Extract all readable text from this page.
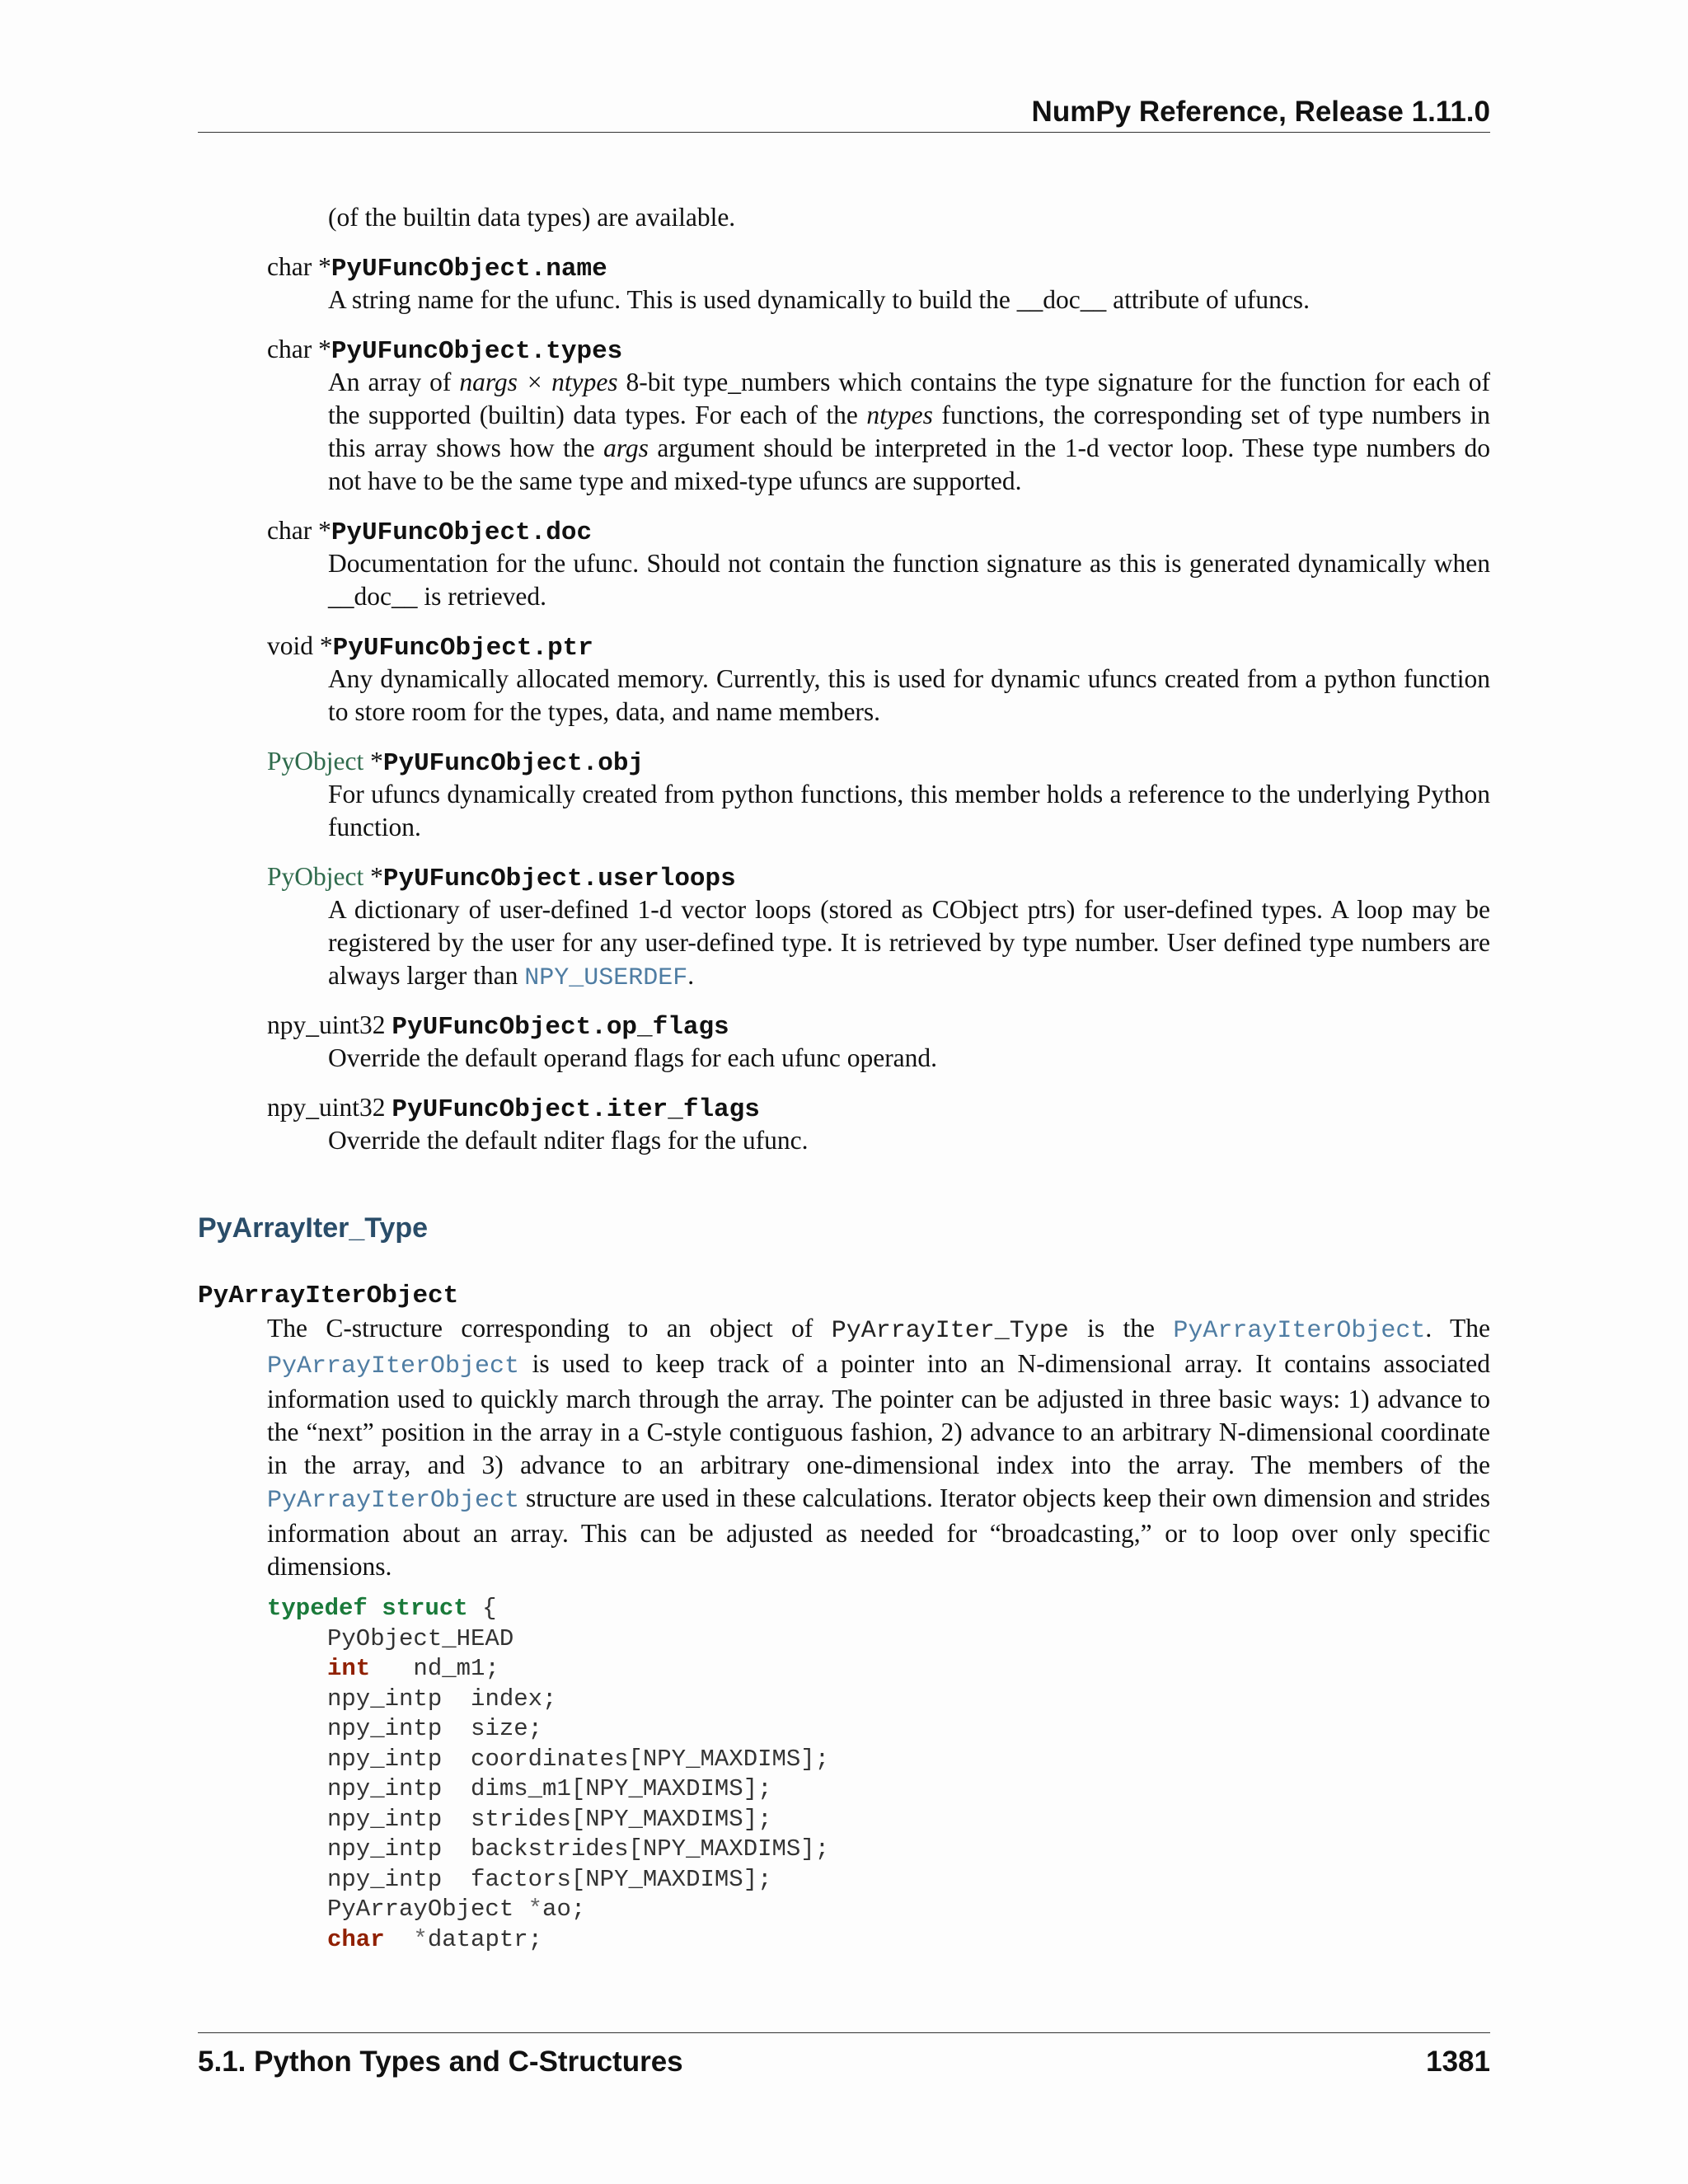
NumPy Reference, Release 1.11.0
(of the builtin data types) are available.
char *PyUFuncObject.name
A string name for the ufunc. This is used dynamically to build the __doc__ attribute of ufuncs.
char *PyUFuncObject.types
An array of nargs × ntypes 8-bit type_numbers which contains the type signature for the function for each of the supported (builtin) data types. For each of the ntypes functions, the corresponding set of type numbers in this array shows how the args argument should be interpreted in the 1-d vector loop. These type numbers do not have to be the same type and mixed-type ufuncs are supported.
char *PyUFuncObject.doc
Documentation for the ufunc. Should not contain the function signature as this is generated dynamically when __doc__ is retrieved.
void *PyUFuncObject.ptr
Any dynamically allocated memory. Currently, this is used for dynamic ufuncs created from a python function to store room for the types, data, and name members.
PyObject *PyUFuncObject.obj
For ufuncs dynamically created from python functions, this member holds a reference to the underlying Python function.
PyObject *PyUFuncObject.userloops
A dictionary of user-defined 1-d vector loops (stored as CObject ptrs) for user-defined types. A loop may be registered by the user for any user-defined type. It is retrieved by type number. User defined type numbers are always larger than NPY_USERDEF.
npy_uint32 PyUFuncObject.op_flags
Override the default operand flags for each ufunc operand.
npy_uint32 PyUFuncObject.iter_flags
Override the default nditer flags for the ufunc.
PyArrayIter_Type
PyArrayIterObject
The C-structure corresponding to an object of PyArrayIter_Type is the PyArrayIterObject. The PyArrayIterObject is used to keep track of a pointer into an N-dimensional array. It contains associated information used to quickly march through the array. The pointer can be adjusted in three basic ways: 1) advance to the “next” position in the array in a C-style contiguous fashion, 2) advance to an arbitrary N-dimensional coordinate in the array, and 3) advance to an arbitrary one-dimensional index into the array. The members of the PyArrayIterObject structure are used in these calculations. Iterator objects keep their own dimension and strides information about an array. This can be adjusted as needed for “broadcasting,” or to loop over only specific dimensions.
typedef struct {
PyObject_HEAD
int   nd_m1;
npy_intp  index;
npy_intp  size;
npy_intp  coordinates[NPY_MAXDIMS];
npy_intp  dims_m1[NPY_MAXDIMS];
npy_intp  strides[NPY_MAXDIMS];
npy_intp  backstrides[NPY_MAXDIMS];
npy_intp  factors[NPY_MAXDIMS];
PyArrayObject *ao;
char  *dataptr;
5.1. Python Types and C-Structures	1381
